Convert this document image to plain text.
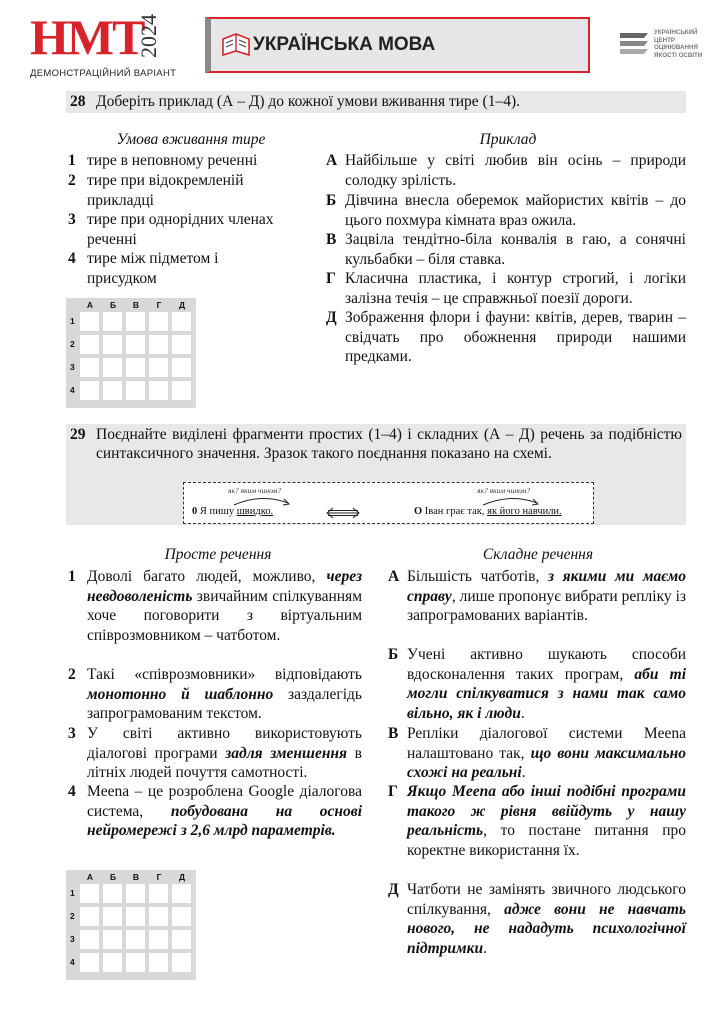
НМТ
2024
ДЕМОНСТРАЦІЙНИЙ ВАРІАНТ
УКРАЇНСЬКА МОВА
УКРАЇНСЬКИЙ
ЦЕНТР
ОЦІНЮВАННЯ
ЯКОСТІ ОСВІТИ
28 Доберіть приклад (А – Д) до кожної умови вживання тире (1–4).
Умова вживання тире	Приклад
1 тире в неповному реченні
2 тире при відокремленій прикладці
3 тире при однорідних членах реченні
4 тире між підметом і присудком
А Найбільше у світі любив він осінь – природи солодку зрілість.
Б Дівчина внесла оберемок майористих квітів – до цього похмура кімната враз ожила.
В Зацвіла тендітно-біла конвалія в гаю, а сонячні кульбабки – біля ставка.
Г Класична пластика, і контур строгий, і логіки залізна течія – це справжньої поезії дороги.
Д Зображення флори і фауни: квітів, дерев, тварин – свідчать про обожнення природи нашими предками.
А	Б	В	Г	Д
1
2
3
4
29 Поєднайте виділені фрагменти простих (1–4) і складних (А – Д) речень за подібністю синтаксичного значення. Зразок такого поєднання показано на схемі.
як? яким чином?	як? яким чином?
0 Я пишу швидко.	О Іван грає так, як його навчили.
Просте речення	Складне речення
1 Доволі багато людей, можливо, через невдоволеність звичайним спілкуванням хоче поговорити з віртуальним співрозмовником – чатботом.
2 Такі «співрозмовники» відповідають монотонно й шаблонно заздалегідь запрограмованим текстом.
3 У світі активно використовують діалогові програми задля зменшення в літніх людей почуття самотності.
4 Meena – це розроблена Google діалогова система, побудована на основі нейромережі з 2,6 млрд параметрів.
А Більшість чатботів, з якими ми маємо справу, лише пропонує вибрати репліку із запрограмованих варіантів.
Б Учені активно шукають способи вдосконалення таких програм, аби ті могли спілкуватися з нами так само вільно, як і люди.
В Репліки діалогової системи Meena налаштовано так, що вони максимально схожі на реальні.
Г Якщо Meena або інші подібні програми такого ж рівня ввійдуть у нашу реальність, то постане питання про коректне використання їх.
Д Чатботи не замінять звичного людського спілкування, адже вони не навчать нового, не нададуть психологічної підтримки.
А	Б	В	Г	Д
1
2
3
4
